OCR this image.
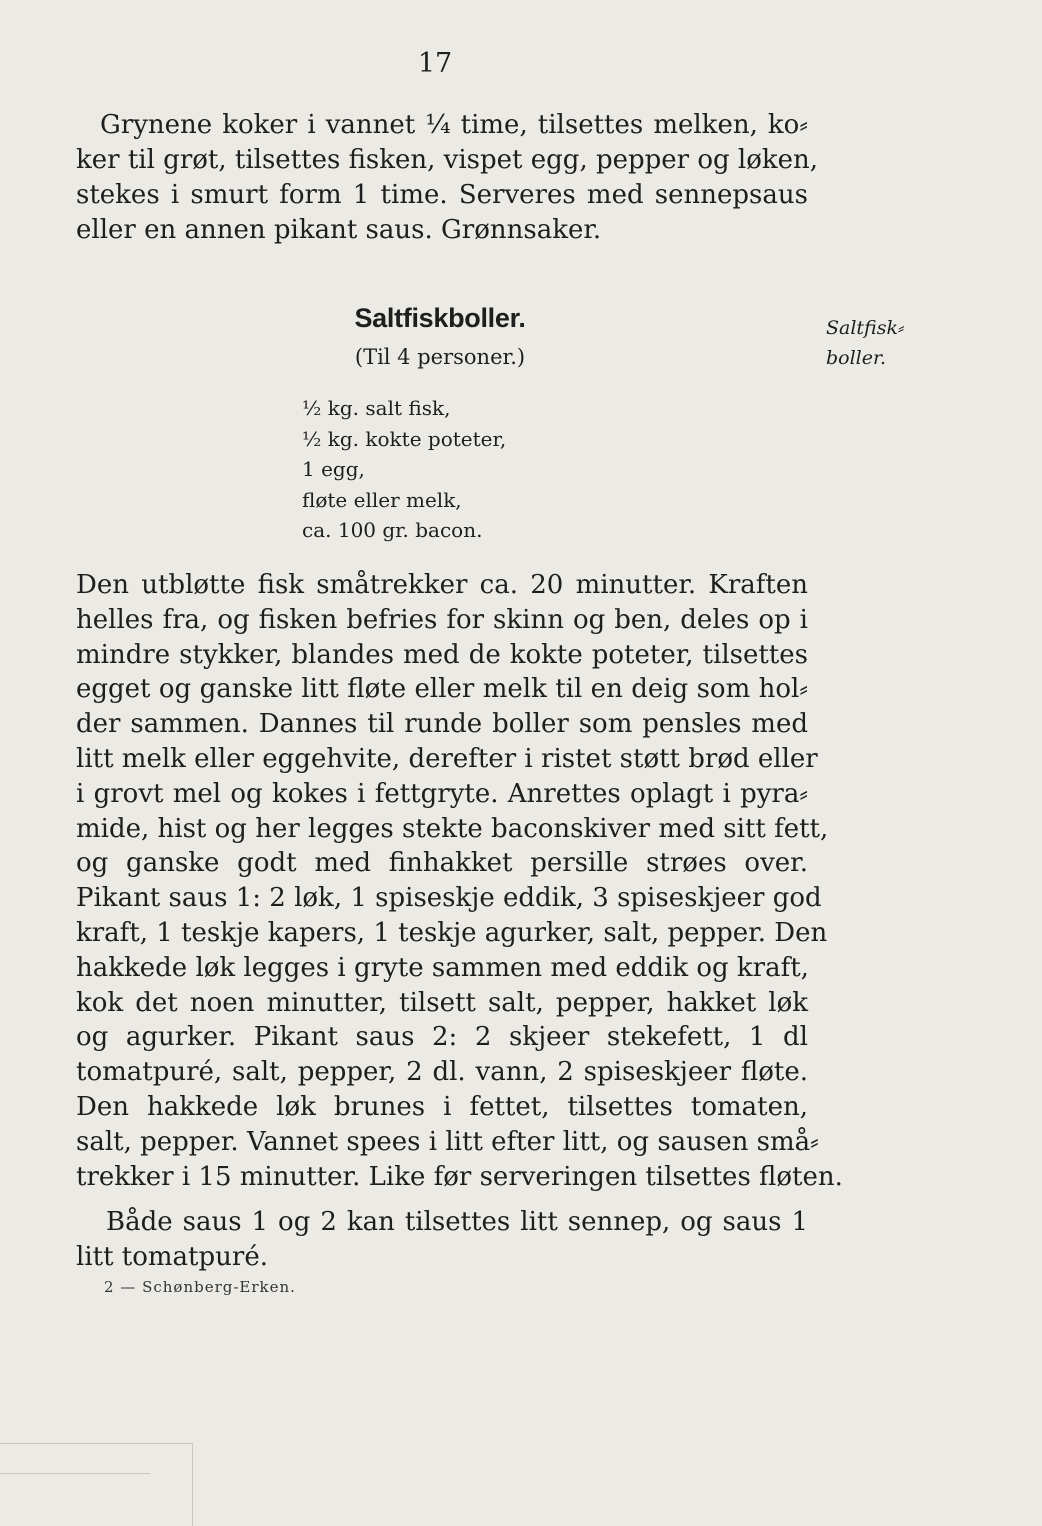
17
Grynene koker i vannet ¼ time, tilsettes melken, ko⸗
ker til grøt, tilsettes fisken, vispet egg, pepper og løken,
stekes i smurt form 1 time. Serveres med sennepsaus
eller en annen pikant saus. Grønnsaker.
Saltfiskboller.
(Til 4 personer.)
Saltfisk⸗
boller.
½ kg. salt fisk,
½ kg. kokte poteter,
1 egg,
fløte eller melk,
ca. 100 gr. bacon.
Den utbløtte fisk småtrekker ca. 20 minutter. Kraften
helles fra, og fisken befries for skinn og ben, deles op i
mindre stykker, blandes med de kokte poteter, tilsettes
egget og ganske litt fløte eller melk til en deig som hol⸗
der sammen. Dannes til runde boller som pensles med
litt melk eller eggehvite, derefter i ristet støtt brød eller
i grovt mel og kokes i fettgryte. Anrettes oplagt i pyra⸗
mide, hist og her legges stekte baconskiver med sitt fett,
og ganske godt med finhakket persille strøes over.
Pikant saus 1: 2 løk, 1 spiseskje eddik, 3 spiseskjeer god
kraft, 1 teskje kapers, 1 teskje agurker, salt, pepper. Den
hakkede løk legges i gryte sammen med eddik og kraft,
kok det noen minutter, tilsett salt, pepper, hakket løk
og agurker. Pikant saus 2: 2 skjeer stekefett, 1 dl
tomatpuré, salt, pepper, 2 dl. vann, 2 spiseskjeer fløte.
Den hakkede løk brunes i fettet, tilsettes tomaten,
salt, pepper. Vannet spees i litt efter litt, og sausen små⸗
trekker i 15 minutter. Like før serveringen tilsettes fløten.
Både saus 1 og 2 kan tilsettes litt sennep, og saus 1
litt tomatpuré.
2 — Schønberg-Erken.
